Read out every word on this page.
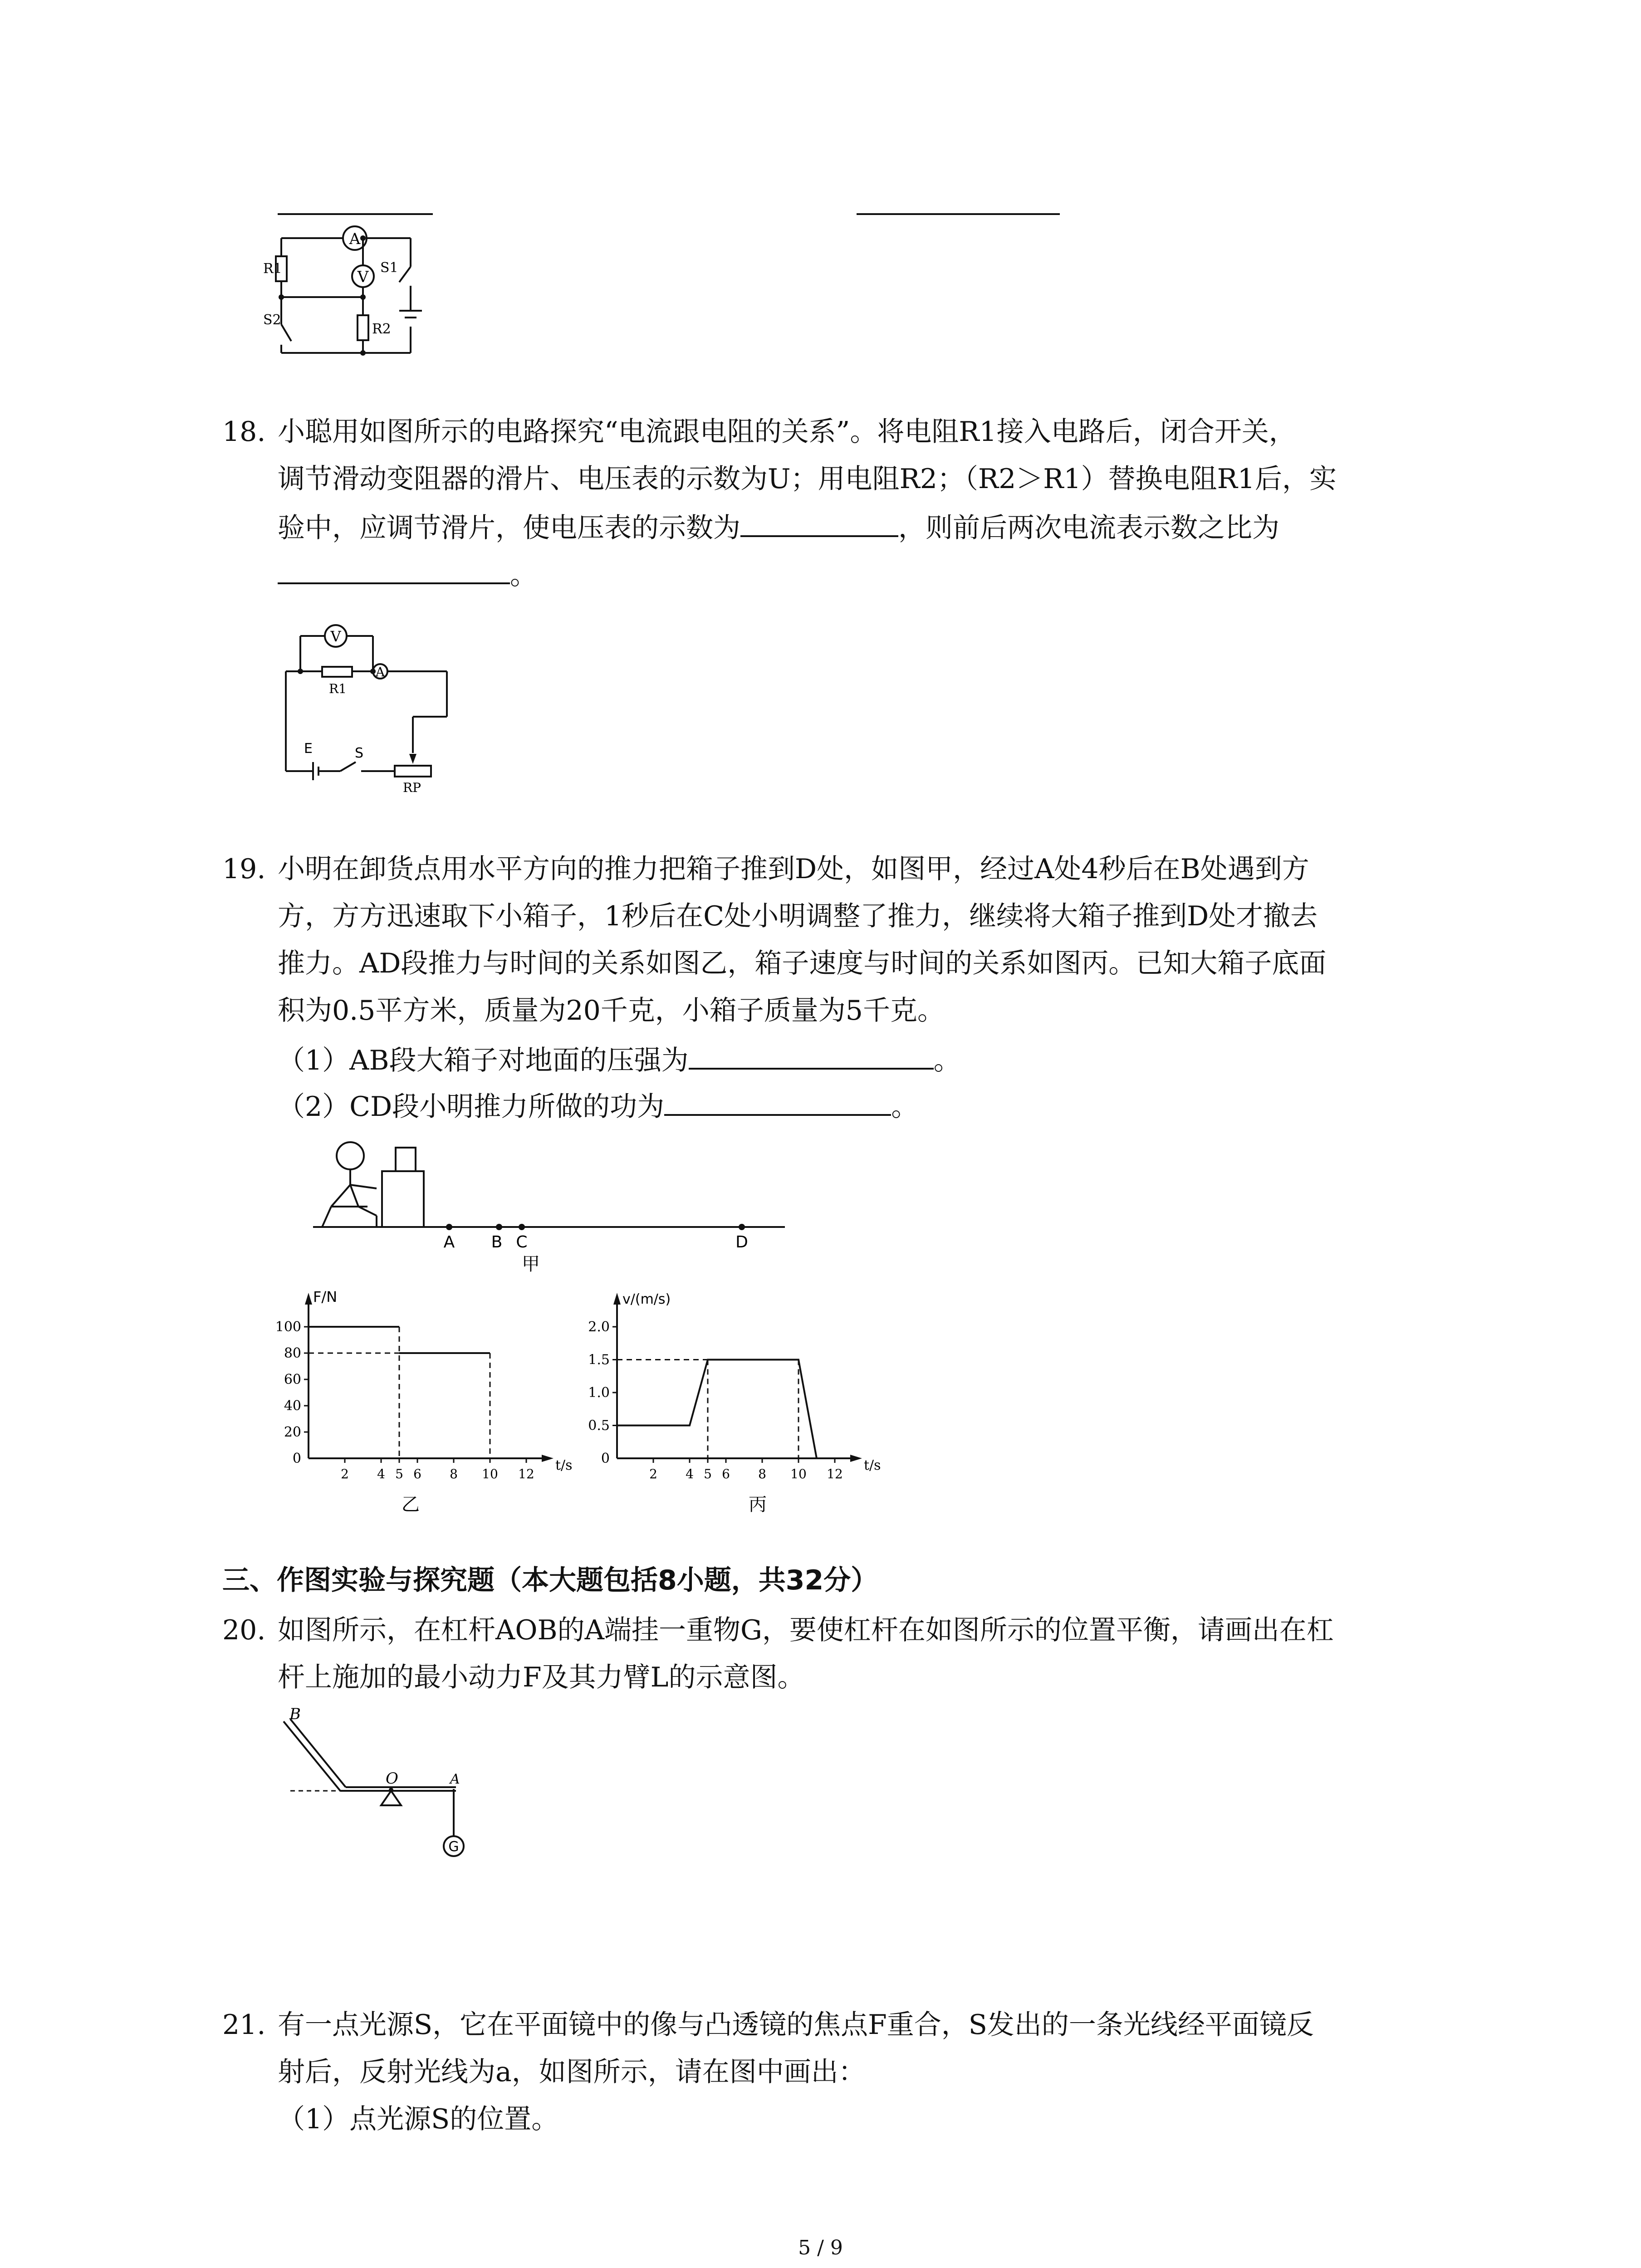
A
V
R1
R2
S1
S2
18. 小聪用如图所示的电路探究“电流跟电阻的关系”。将电阻R1接入电路后，闭合开关，
调节滑动变阻器的滑片、电压表的示数为U；用电阻R2；（R2＞R1）替换电阻R1后，实
验中，应调节滑片，使电压表的示数为	，则前后两次电流表示数之比为
。
V
A
R1
E	S
RP
19. 小明在卸货点用水平方向的推力把箱子推到D处，如图甲，经过A处4秒后在B处遇到方
方，方方迅速取下小箱子，1秒后在C处小明调整了推力，继续将大箱子推到D处才撤去
推力。AD段推力与时间的关系如图乙，箱子速度与时间的关系如图丙。已知大箱子底面
积为0.5平方米，质量为20千克，小箱子质量为5千克。
（1）AB段大箱子对地面的压强为	。
（2）CD段小明推力所做的功为	。
A B C	D
甲
0
20
40
60
80
100
2 4 5 6 8 10 12
F/N
t/s
乙
0
0.5
1.0
1.5
2.0
2 4 5 6 8 10 12
v/(m/s)
t/s
丙
三、作图实验与探究题（本大题包括8小题，共32分）
20. 如图所示，在杠杆AOB的A端挂一重物G，要使杠杆在如图所示的位置平衡，请画出在杠
杆上施加的最小动力F及其力臂L的示意图。
B
O	A
G
21. 有一点光源S，它在平面镜中的像与凸透镜的焦点F重合，S发出的一条光线经平面镜反
射后，反射光线为a，如图所示，请在图中画出：
（1）点光源S的位置。
5 / 9
